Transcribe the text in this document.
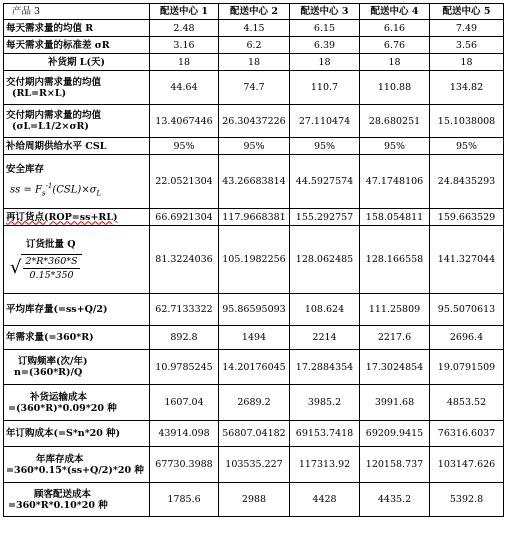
产品 3	配送中心 1	配送中心 2	配送中心 3	配送中心 4	配送中心 5
每天需求量的均值 R	2.48	4.15	6.15	6.16	7.49
每天需求量的标准差 σR	3.16	6.2	6.39	6.76	3.56
补货期 L(天)	18	18	18	18	18

交付期内需求量的均值
(RL=R×L)	44.64	74.7	110.7	110.88	134.82

交付期内需求量的均值
(σL=L1/2×σR)	13.4067446	26.30437226	27.110474	28.680251	15.1038008
补给周期供给水平 CSL	95%	95%	95%	95%	95%

安全库存
ss = $F_s^{-1}(CSL)\times\sigma_L$	22.0521304	43.26683814	44.5927574	47.1748106	24.8435293
再订货点(ROP=ss+RL)	66.6921304	117.9668381	155.292757	158.054811	159.663529

订货批量 Q
√ $\frac{2*R*360*S}{0.15*350}$	81.3224036	105.1982256	128.062485	128.166558	141.327044
平均库存量(=ss+Q/2)	62.7133322	95.86595093	108.624	111.25809	95.5070613
年需求量(=360*R)	892.8	1494	2214	2217.6	2696.4

订购频率(次/年)
n=(360*R)/Q	10.9785245	14.20176045	17.2884354	17.3024854	19.0791509

补货运输成本
=(360*R)*0.09*20 种	1607.04	2689.2	3985.2	3991.68	4853.52
年订购成本(=S*n*20 种)	43914.098	56807.04182	69153.7418	69209.9415	76316.6037

年库存成本
=360*0.15*(ss+Q/2)*20 种	67730.3988	103535.227	117313.92	120158.737	103147.626

顾客配送成本
=360*R*0.10*20 种	1785.6	2988	4428	4435.2	5392.8
